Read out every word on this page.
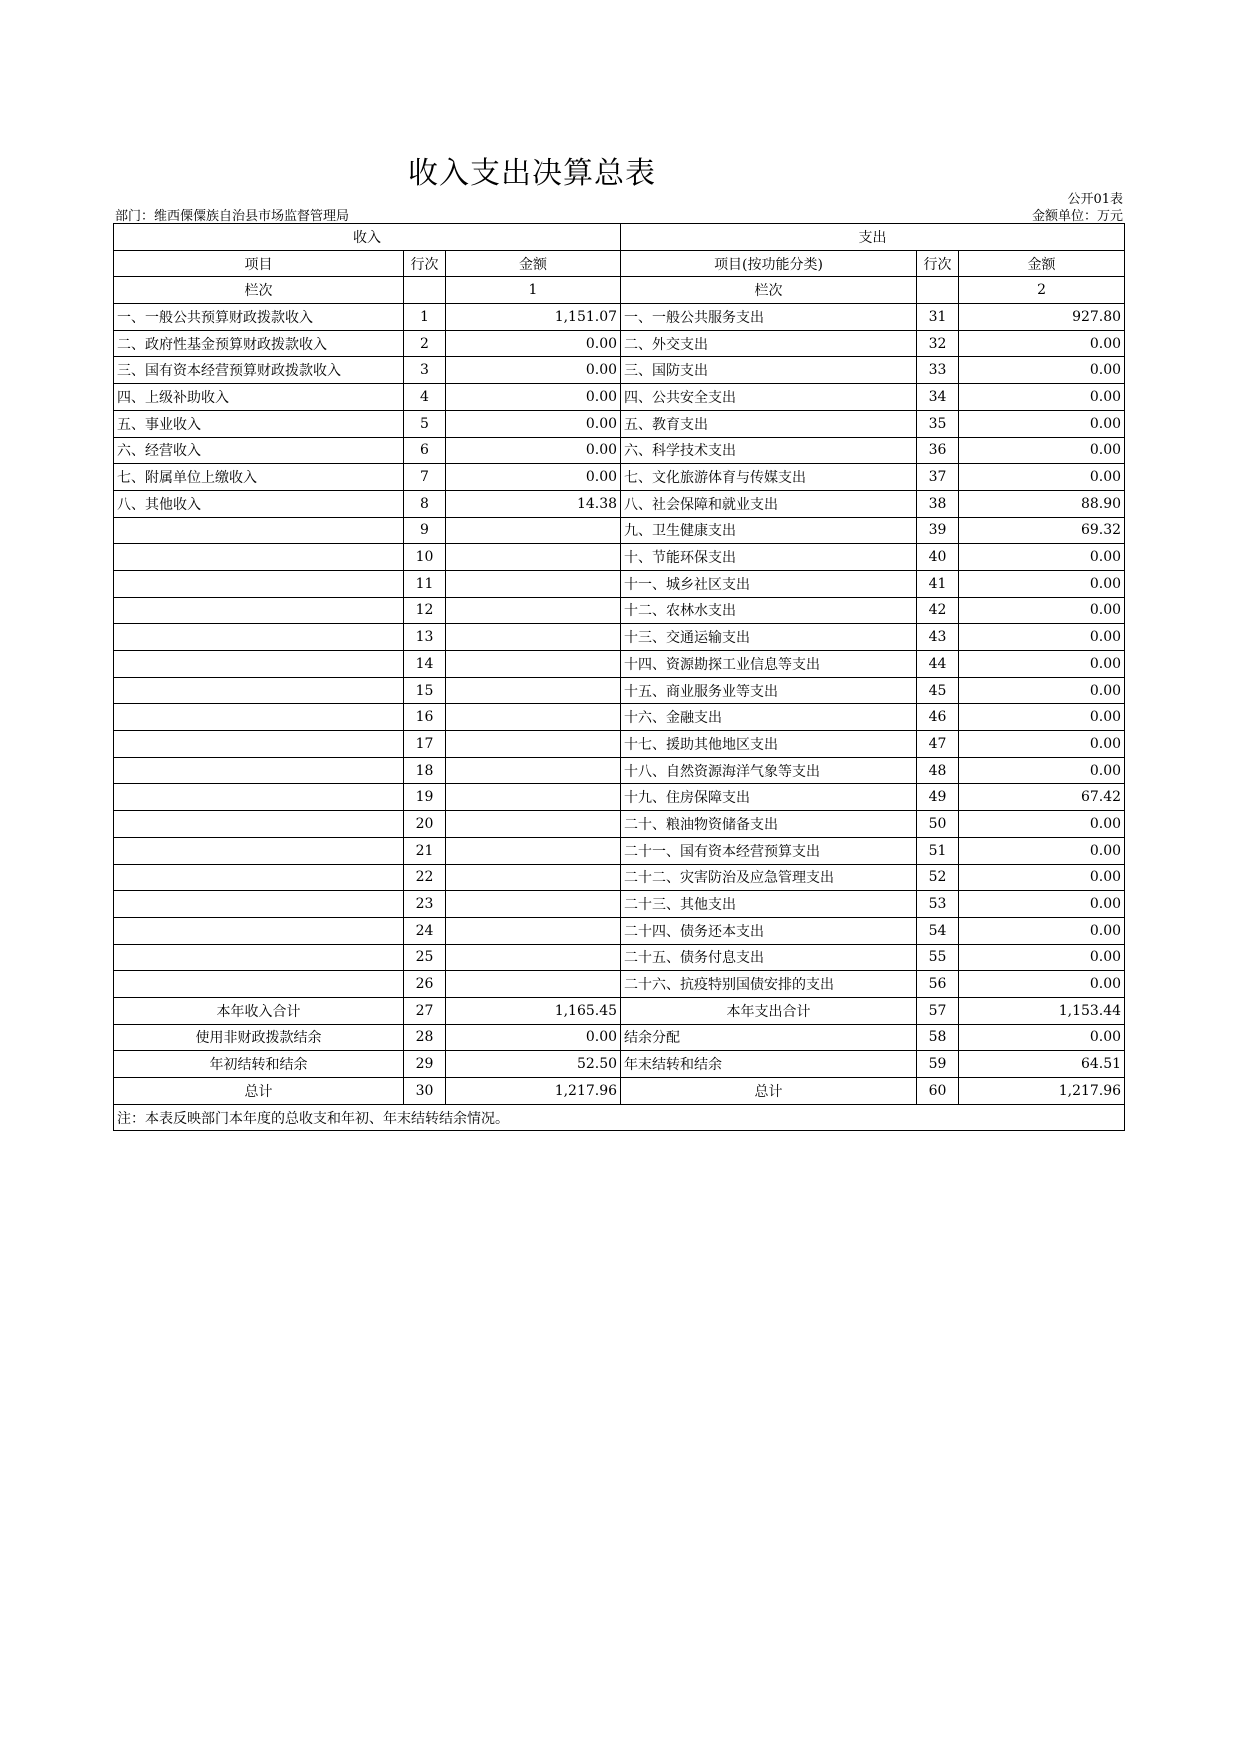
收入支出决算总表
公开01表
部门：维西傈僳族自治县市场监督管理局	金额单位：万元
收入			支出		
项目	行次	金额	项目(按功能分类)	行次	金额
栏次		1	栏次		2
一、一般公共预算财政拨款收入	1	1,151.07	一、一般公共服务支出	31	927.80
二、政府性基金预算财政拨款收入	2	0.00	二、外交支出	32	0.00
三、国有资本经营预算财政拨款收入	3	0.00	三、国防支出	33	0.00
四、上级补助收入	4	0.00	四、公共安全支出	34	0.00
五、事业收入	5	0.00	五、教育支出	35	0.00
六、经营收入	6	0.00	六、科学技术支出	36	0.00
七、附属单位上缴收入	7	0.00	七、文化旅游体育与传媒支出	37	0.00
八、其他收入	8	14.38	八、社会保障和就业支出	38	88.90
	9		九、卫生健康支出	39	69.32
	10		十、节能环保支出	40	0.00
	11		十一、城乡社区支出	41	0.00
	12		十二、农林水支出	42	0.00
	13		十三、交通运输支出	43	0.00
	14		十四、资源勘探工业信息等支出	44	0.00
	15		十五、商业服务业等支出	45	0.00
	16		十六、金融支出	46	0.00
	17		十七、援助其他地区支出	47	0.00
	18		十八、自然资源海洋气象等支出	48	0.00
	19		十九、住房保障支出	49	67.42
	20		二十、粮油物资储备支出	50	0.00
	21		二十一、国有资本经营预算支出	51	0.00
	22		二十二、灾害防治及应急管理支出	52	0.00
	23		二十三、其他支出	53	0.00
	24		二十四、债务还本支出	54	0.00
	25		二十五、债务付息支出	55	0.00
	26		二十六、抗疫特别国债安排的支出	56	0.00
本年收入合计	27	1,165.45	本年支出合计	57	1,153.44
使用非财政拨款结余	28	0.00	结余分配	58	0.00
年初结转和结余	29	52.50	年末结转和结余	59	64.51
总计	30	1,217.96	总计	60	1,217.96
注：本表反映部门本年度的总收支和年初、年末结转结余情况。					
